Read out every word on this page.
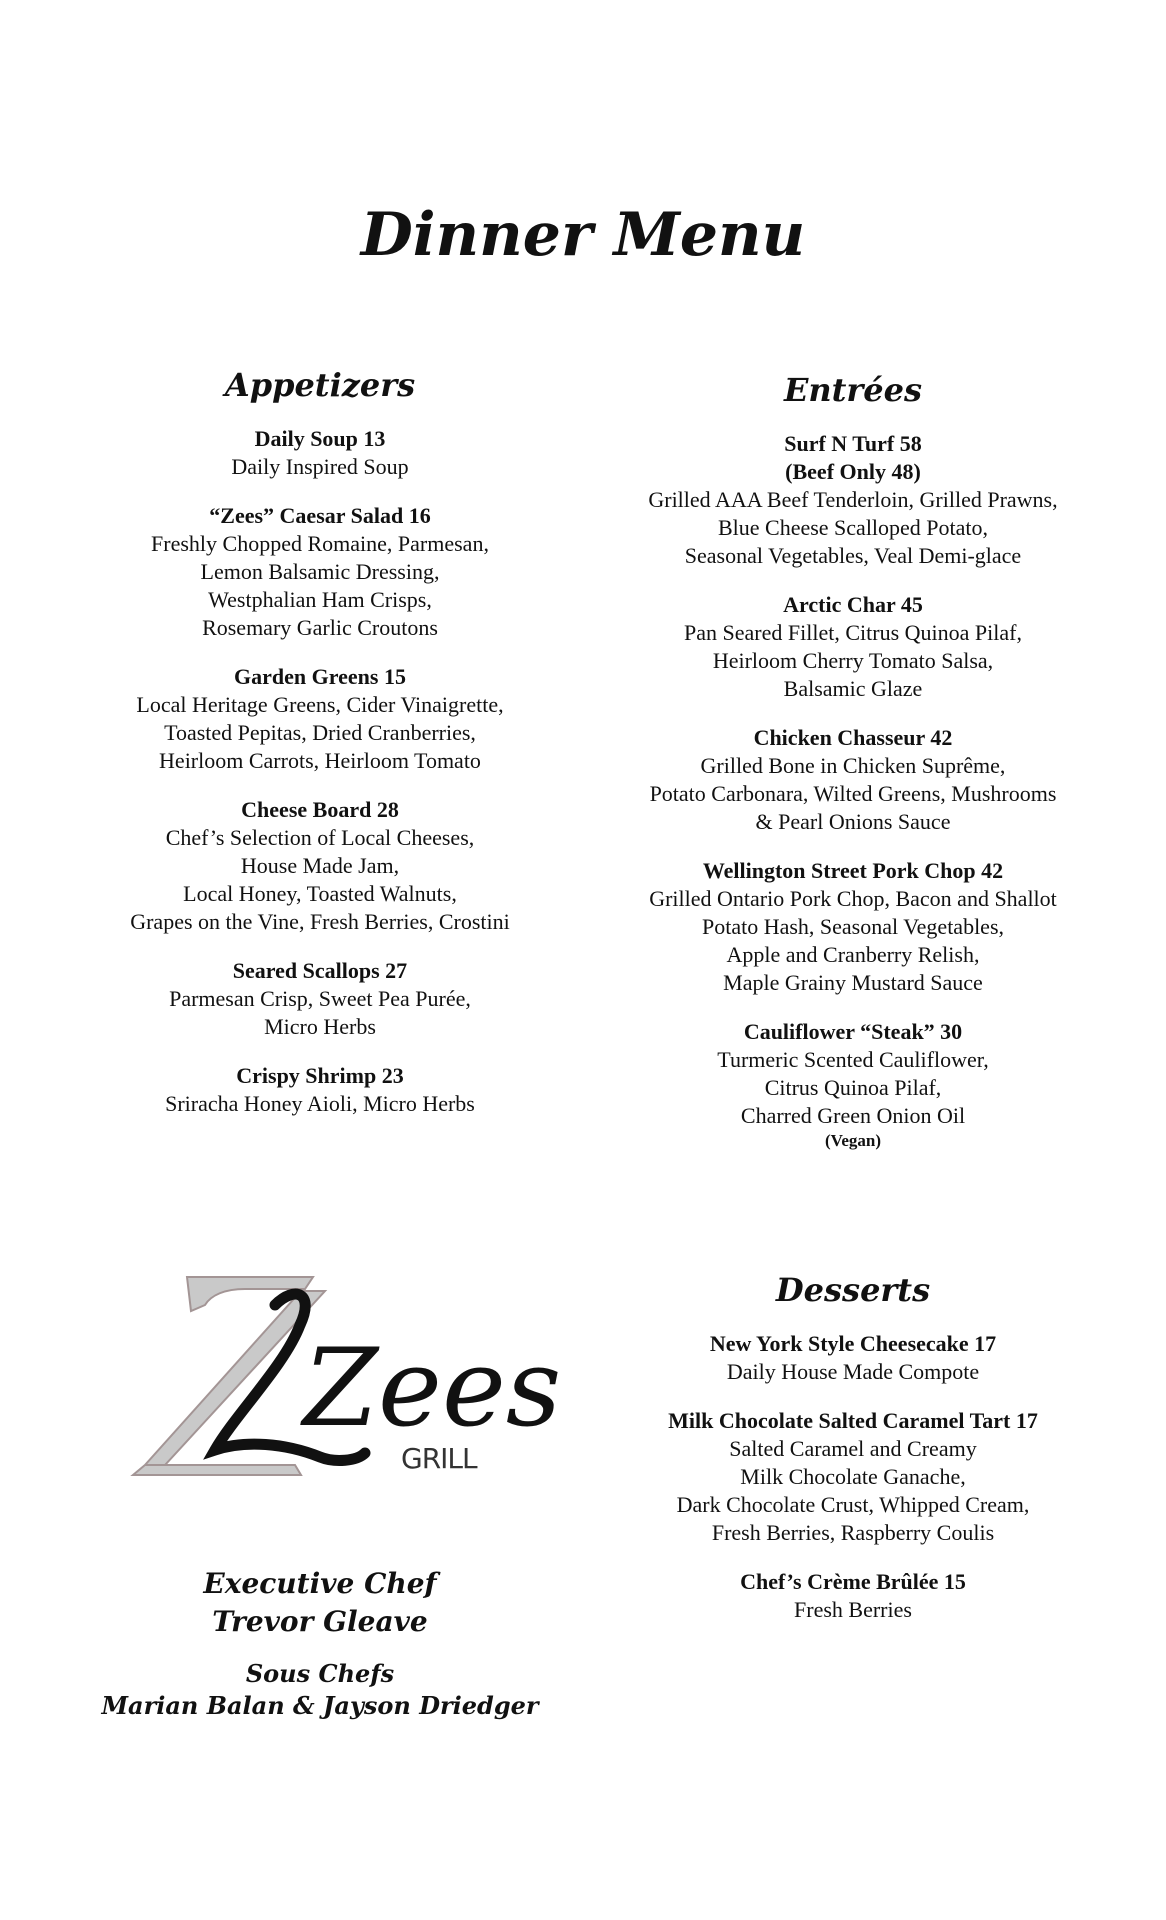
Dinner Menu
Appetizers
Daily Soup 13
Daily Inspired Soup
“Zees” Caesar Salad 16
Freshly Chopped Romaine, Parmesan,
Lemon Balsamic Dressing,
Westphalian Ham Crisps,
Rosemary Garlic Croutons
Garden Greens 15
Local Heritage Greens, Cider Vinaigrette,
Toasted Pepitas, Dried Cranberries,
Heirloom Carrots, Heirloom Tomato
Cheese Board 28
Chef’s Selection of Local Cheeses,
House Made Jam,
Local Honey, Toasted Walnuts,
Grapes on the Vine, Fresh Berries, Crostini
Seared Scallops 27
Parmesan Crisp, Sweet Pea Purée,
Micro Herbs
Crispy Shrimp 23
Sriracha Honey Aioli, Micro Herbs
Entrées
Surf N Turf 58
(Beef Only 48)
Grilled AAA Beef Tenderloin, Grilled Prawns,
Blue Cheese Scalloped Potato,
Seasonal Vegetables, Veal Demi-glace
Arctic Char 45
Pan Seared Fillet, Citrus Quinoa Pilaf,
Heirloom Cherry Tomato Salsa,
Balsamic Glaze
Chicken Chasseur 42
Grilled Bone in Chicken Suprême,
Potato Carbonara, Wilted Greens, Mushrooms
& Pearl Onions Sauce
Wellington Street Pork Chop 42
Grilled Ontario Pork Chop, Bacon and Shallot
Potato Hash, Seasonal Vegetables,
Apple and Cranberry Relish,
Maple Grainy Mustard Sauce
Cauliflower “Steak” 30
Turmeric Scented Cauliflower,
Citrus Quinoa Pilaf,
Charred Green Onion Oil
(Vegan)
Zees
GRILL
Executive Chef
Trevor Gleave
Sous Chefs
Marian Balan & Jayson Driedger
Desserts
New York Style Cheesecake 17
Daily House Made Compote
Milk Chocolate Salted Caramel Tart 17
Salted Caramel and Creamy
Milk Chocolate Ganache,
Dark Chocolate Crust, Whipped Cream,
Fresh Berries, Raspberry Coulis
Chef’s Crème Brûlée 15
Fresh Berries
